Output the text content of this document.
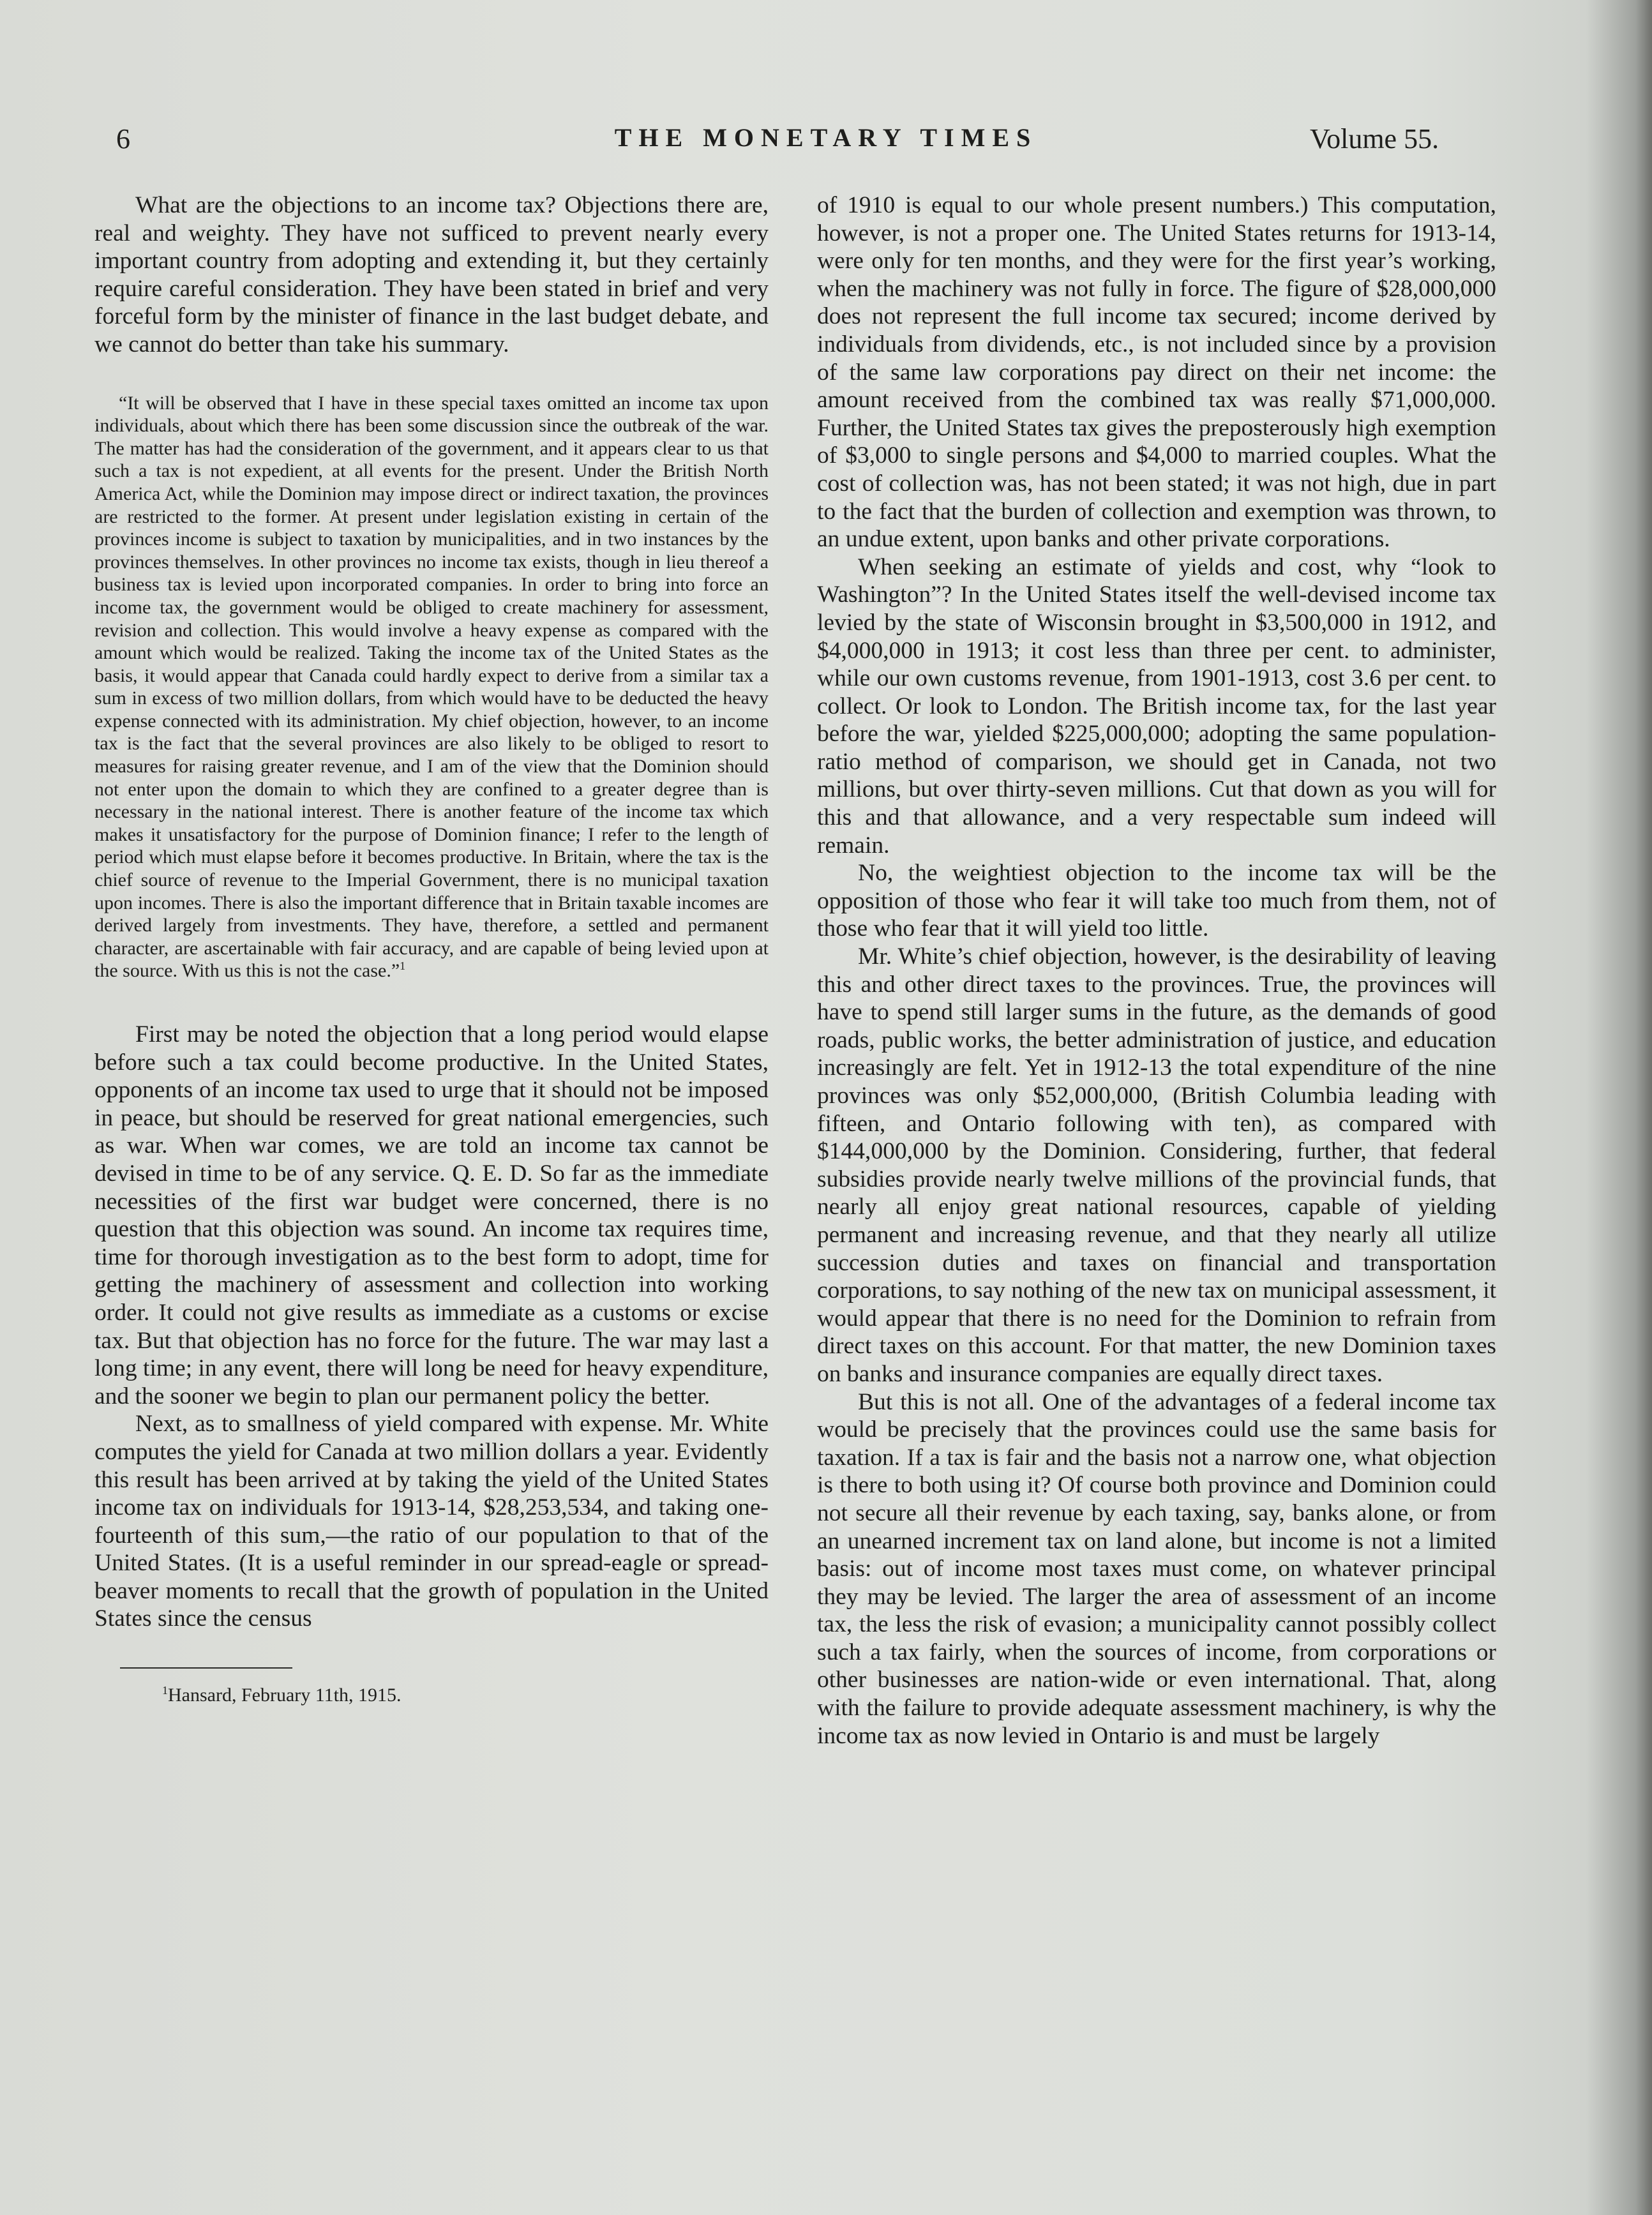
6	THE MONETARY TIMES	Volume 55.

What are the objections to an income tax? Objections there are, real and weighty. They have not sufficed to prevent nearly every important country from adopting and extending it, but they certainly require careful consideration. They have been stated in brief and very forceful form by the minister of finance in the last budget debate, and we cannot do better than take his summary.

“It will be observed that I have in these special taxes omitted an income tax upon individuals, about which there has been some discussion since the outbreak of the war. The matter has had the consideration of the government, and it appears clear to us that such a tax is not expedient, at all events for the present. Under the British North America Act, while the Dominion may impose direct or indirect taxation, the provinces are restricted to the former. At present under legislation existing in certain of the provinces income is subject to taxation by municipalities, and in two instances by the provinces themselves. In other provinces no income tax exists, though in lieu thereof a business tax is levied upon incorporated companies. In order to bring into force an income tax, the government would be obliged to create machinery for assessment, revision and collection. This would involve a heavy expense as compared with the amount which would be realized. Taking the income tax of the United States as the basis, it would appear that Canada could hardly expect to derive from a similar tax a sum in excess of two million dollars, from which would have to be deducted the heavy expense connected with its administration. My chief objection, however, to an income tax is the fact that the several provinces are also likely to be obliged to resort to measures for raising greater revenue, and I am of the view that the Dominion should not enter upon the domain to which they are confined to a greater degree than is necessary in the national interest. There is another feature of the income tax which makes it unsatisfactory for the purpose of Dominion finance; I refer to the length of period which must elapse before it becomes productive. In Britain, where the tax is the chief source of revenue to the Imperial Government, there is no municipal taxation upon incomes. There is also the important difference that in Britain taxable incomes are derived largely from investments. They have, therefore, a settled and permanent character, are ascertainable with fair accuracy, and are capable of being levied upon at the source. With us this is not the case.”$^1$

First may be noted the objection that a long period would elapse before such a tax could become productive. In the United States, opponents of an income tax used to urge that it should not be imposed in peace, but should be reserved for great national emergencies, such as war. When war comes, we are told an income tax cannot be devised in time to be of any service. Q. E. D. So far as the immediate necessities of the first war budget were concerned, there is no question that this objection was sound. An income tax requires time, time for thorough investigation as to the best form to adopt, time for getting the machinery of assessment and collection into working order. It could not give results as immediate as a customs or excise tax. But that objection has no force for the future. The war may last a long time; in any event, there will long be need for heavy expenditure, and the sooner we begin to plan our permanent policy the better.

Next, as to smallness of yield compared with expense. Mr. White computes the yield for Canada at two million dollars a year. Evidently this result has been arrived at by taking the yield of the United States income tax on individuals for 1913-14, $28,253,534, and taking one-fourteenth of this sum,—the ratio of our population to that of the United States. (It is a useful reminder in our spread-eagle or spread-beaver moments to recall that the growth of population in the United States since the census

$^1$Hansard, February 11th, 1915.

of 1910 is equal to our whole present numbers.) This computation, however, is not a proper one. The United States returns for 1913-14, were only for ten months, and they were for the first year’s working, when the machinery was not fully in force. The figure of $28,000,000 does not represent the full income tax secured; income derived by individuals from dividends, etc., is not included since by a provision of the same law corporations pay direct on their net income: the amount received from the combined tax was really $71,000,000. Further, the United States tax gives the preposterously high exemption of $3,000 to single persons and $4,000 to married couples. What the cost of collection was, has not been stated; it was not high, due in part to the fact that the burden of collection and exemption was thrown, to an undue extent, upon banks and other private corporations.

When seeking an estimate of yields and cost, why “look to Washington”? In the United States itself the well-devised income tax levied by the state of Wisconsin brought in $3,500,000 in 1912, and $4,000,000 in 1913; it cost less than three per cent. to administer, while our own customs revenue, from 1901-1913, cost 3.6 per cent. to collect. Or look to London. The British income tax, for the last year before the war, yielded $225,000,000; adopting the same population-ratio method of comparison, we should get in Canada, not two millions, but over thirty-seven millions. Cut that down as you will for this and that allowance, and a very respectable sum indeed will remain.

No, the weightiest objection to the income tax will be the opposition of those who fear it will take too much from them, not of those who fear that it will yield too little.

Mr. White’s chief objection, however, is the desirability of leaving this and other direct taxes to the provinces. True, the provinces will have to spend still larger sums in the future, as the demands of good roads, public works, the better administration of justice, and education increasingly are felt. Yet in 1912-13 the total expenditure of the nine provinces was only $52,000,000, (British Columbia leading with fifteen, and Ontario following with ten), as compared with $144,000,000 by the Dominion. Considering, further, that federal subsidies provide nearly twelve millions of the provincial funds, that nearly all enjoy great national resources, capable of yielding permanent and increasing revenue, and that they nearly all utilize succession duties and taxes on financial and transportation corporations, to say nothing of the new tax on municipal assessment, it would appear that there is no need for the Dominion to refrain from direct taxes on this account. For that matter, the new Dominion taxes on banks and insurance companies are equally direct taxes.

But this is not all. One of the advantages of a federal income tax would be precisely that the provinces could use the same basis for taxation. If a tax is fair and the basis not a narrow one, what objection is there to both using it? Of course both province and Dominion could not secure all their revenue by each taxing, say, banks alone, or from an unearned increment tax on land alone, but income is not a limited basis: out of income most taxes must come, on whatever principal they may be levied. The larger the area of assessment of an income tax, the less the risk of evasion; a municipality cannot possibly collect such a tax fairly, when the sources of income, from corporations or other businesses are nation-wide or even international. That, along with the failure to provide adequate assessment machinery, is why the income tax as now levied in Ontario is and must be largely
